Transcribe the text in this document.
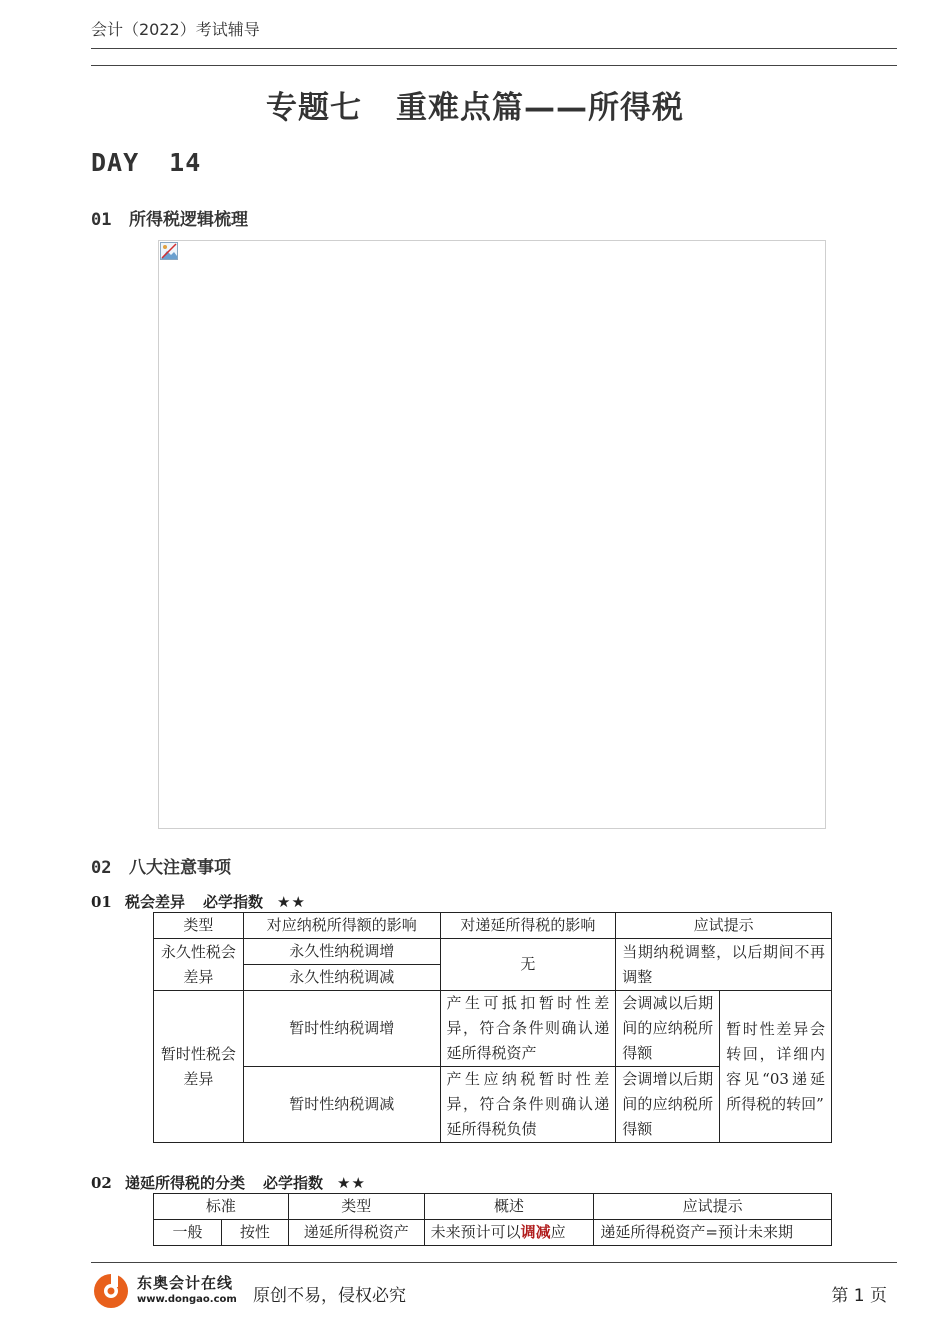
会计（2022）考试辅导
专题七 重难点篇——所得税
DAY 14
01 所得税逻辑梳理
02 八大注意事项
01 税会差异 必学指数 ★★
类型	对应纳税所得额的影响	对递延所得税的影响	应试提示	
永久性税会差异	永久性纳税调增	无	当期纳税调整，以后期间不再调整	
	永久性纳税调减			
暂时性税会差异	暂时性纳税调增	产生可抵扣暂时性差异，符合条件则确认递延所得税资产	会调减以后期间的应纳税所得额	暂时性差异会转回，详细内容见“03递延所得税的转回”
	暂时性纳税调减	产生应纳税暂时性差异，符合条件则确认递延所得税负债	会调增以后期间的应纳税所得额	
02 递延所得税的分类 必学指数 ★★
标准		类型	概述	应试提示
一般	按性	递延所得税资产	未来预计可以调减应	递延所得税资产=预计未来期
东奥会计在线
www.dongao.com 原创不易，侵权必究	第 1 页
